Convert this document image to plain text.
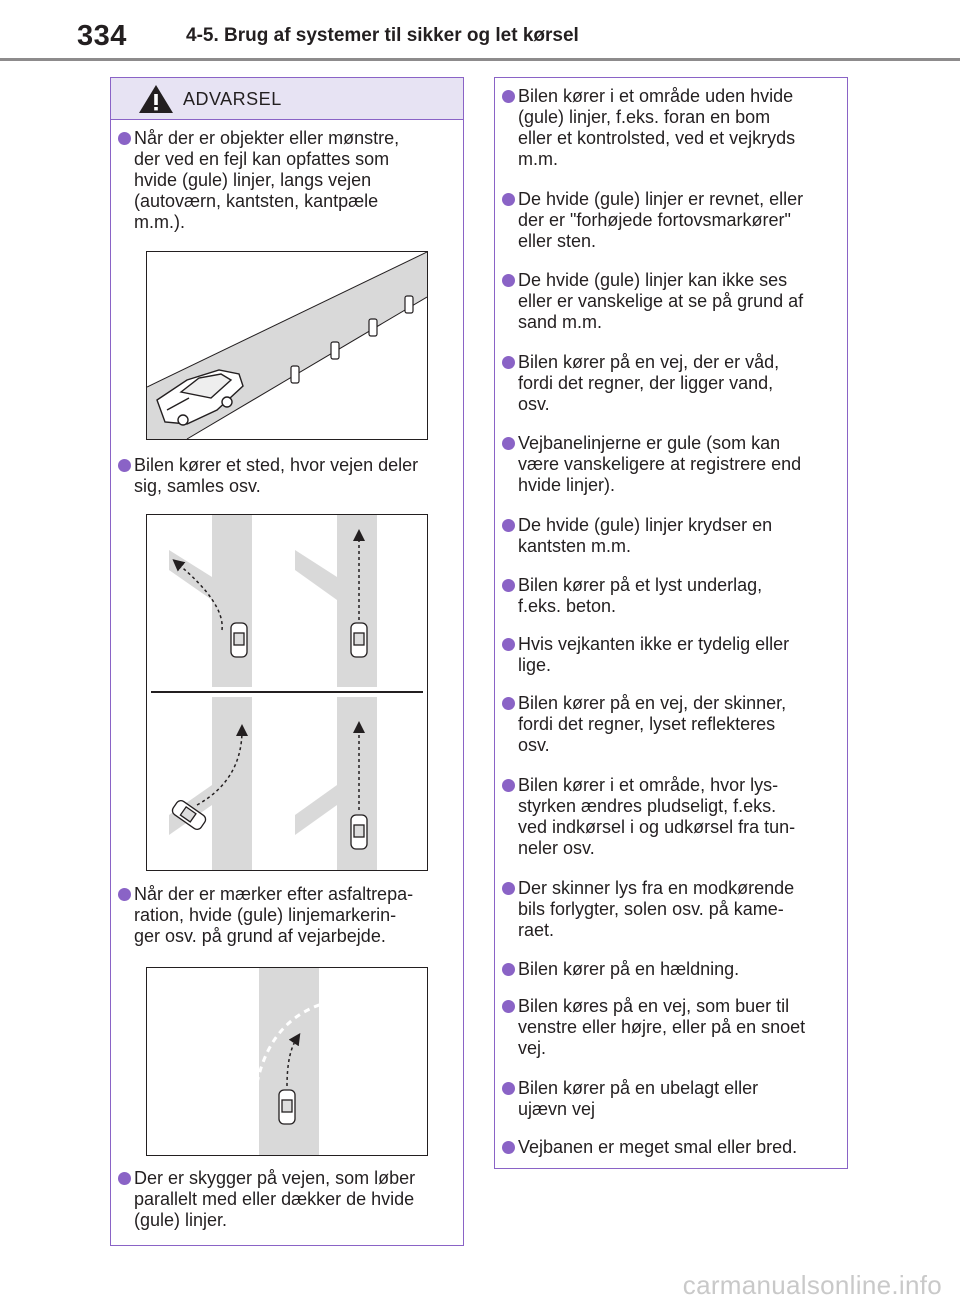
334	4-5. Brug af systemer til sikker og let kørsel
ADVARSEL
Når der er objekter eller mønstre,
der ved en fejl kan opfattes som
hvide (gule) linjer, langs vejen
(autoværn, kantsten, kantpæle
m.m.).
Bilen kører et sted, hvor vejen deler
sig, samles osv.
Når der er mærker efter asfaltrepa-
ration, hvide (gule) linjemarkerin-
ger osv. på grund af vejarbejde.
Der er skygger på vejen, som løber
parallelt med eller dækker de hvide
(gule) linjer.
Bilen kører i et område uden hvide
(gule) linjer, f.eks. foran en bom
eller et kontrolsted, ved et vejkryds
m.m.
De hvide (gule) linjer er revnet, eller
der er "forhøjede fortovsmarkører"
eller sten.
De hvide (gule) linjer kan ikke ses
eller er vanskelige at se på grund af
sand m.m.
Bilen kører på en vej, der er våd,
fordi det regner, der ligger vand,
osv.
Vejbanelinjerne er gule (som kan
være vanskeligere at registrere end
hvide linjer).
De hvide (gule) linjer krydser en
kantsten m.m.
Bilen kører på et lyst underlag,
f.eks. beton.
Hvis vejkanten ikke er tydelig eller
lige.
Bilen kører på en vej, der skinner,
fordi det regner, lyset reflekteres
osv.
Bilen kører i et område, hvor lys-
styrken ændres pludseligt, f.eks.
ved indkørsel i og udkørsel fra tun-
neler osv.
Der skinner lys fra en modkørende
bils forlygter, solen osv. på kame-
raet.
Bilen kører på en hældning.
Bilen køres på en vej, som buer til
venstre eller højre, eller på en snoet
vej.
Bilen kører på en ubelagt eller
ujævn vej
Vejbanen er meget smal eller bred.
carmanualsonline.info
